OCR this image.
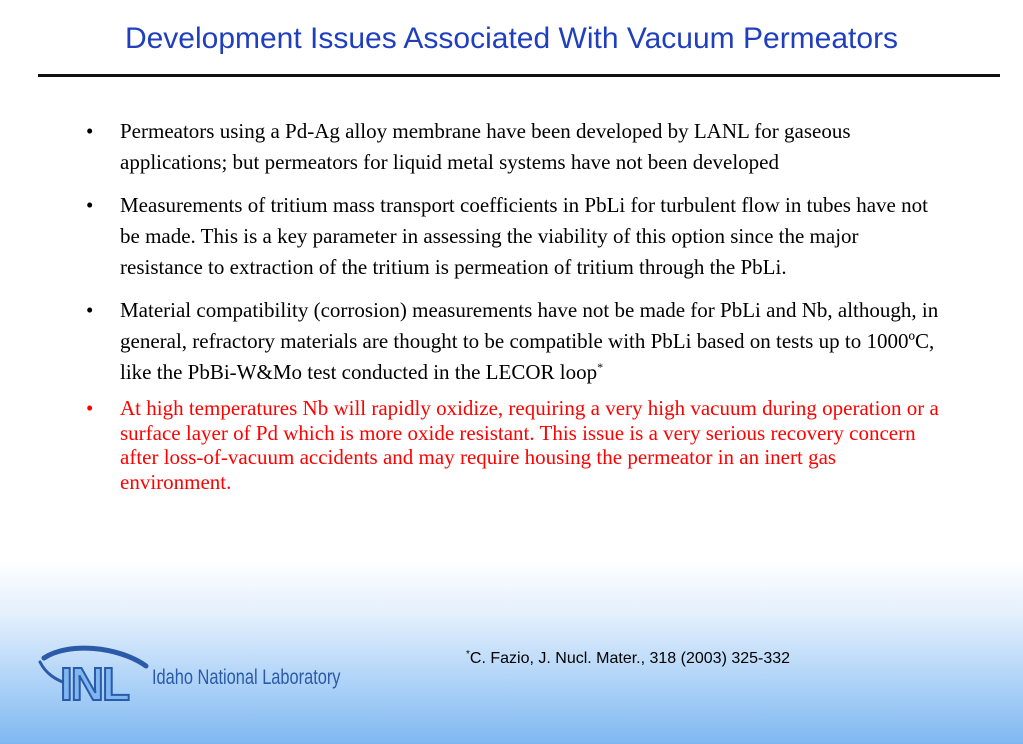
Development Issues Associated With Vacuum Permeators
• Permeators using a Pd-Ag alloy membrane have been developed by LANL for gaseous applications; but permeators for liquid metal systems have not been developed
• Measurements of tritium mass transport coefficients in PbLi for turbulent flow in tubes have not be made. This is a key parameter in assessing the viability of this option since the major resistance to extraction of the tritium is permeation of tritium through the PbLi.
• Material compatibility (corrosion) measurements have not be made for PbLi and Nb, although, in general, refractory materials are thought to be compatible with PbLi based on tests up to 1000ºC, like the PbBi-W&Mo test conducted in the LECOR loop*
• At high temperatures Nb will rapidly oxidize, requiring a very high vacuum during operation or a surface layer of Pd which is more oxide resistant. This issue is a very serious recovery concern after loss-of-vacuum accidents and may require housing the permeator in an inert gas environment.
*C. Fazio, J. Nucl. Mater., 318 (2003) 325-332
INL Idaho National Laboratory
